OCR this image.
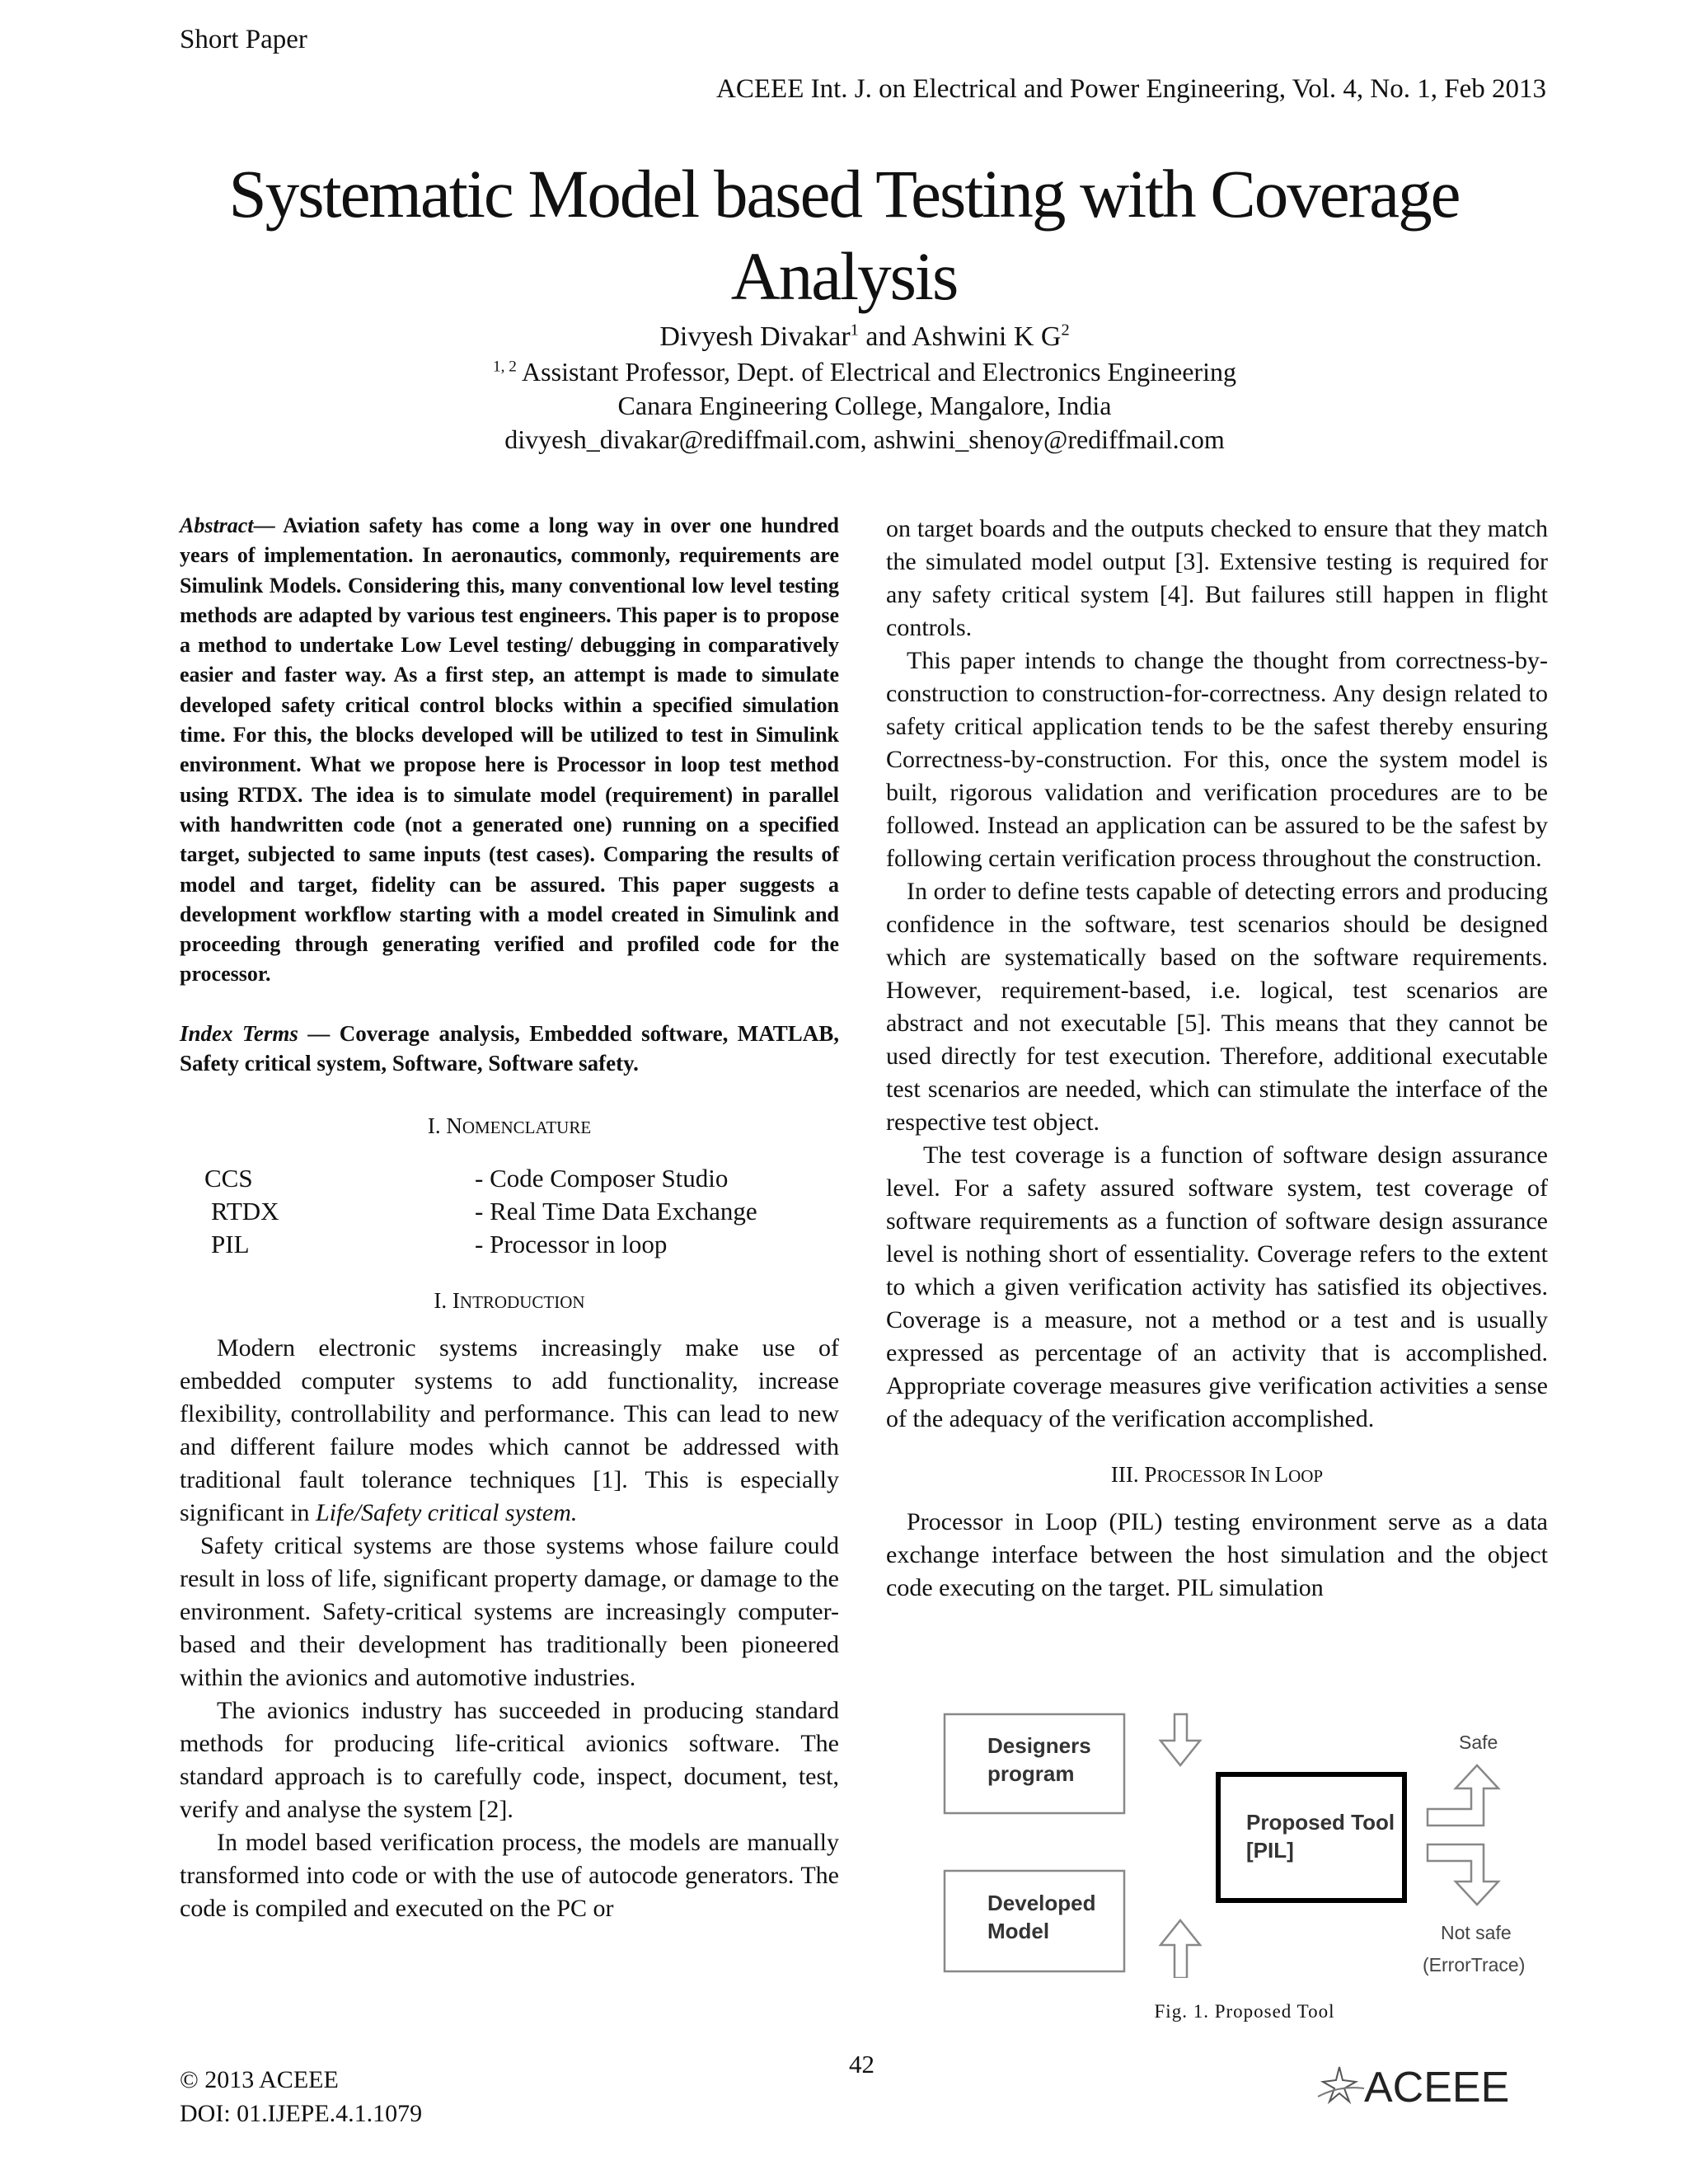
Short Paper
ACEEE Int. J. on Electrical and Power Engineering, Vol. 4, No. 1, Feb 2013
Systematic Model based Testing with Coverage
Analysis
Divyesh Divakar$^1$ and Ashwini K $G^2$
$^{1, 2}$ Assistant Professor, Dept. of Electrical and Electronics Engineering
Canara Engineering College, Mangalore, India
divyesh_divakar@rediffmail.com, ashwini_shenoy@rediffmail.com

Abstract— Aviation safety has come a long way in over one hundred years of implementation. In aeronautics, commonly, requirements are Simulink Models. Considering this, many conventional low level testing methods are adapted by various test engineers. This paper is to propose a method to undertake Low Level testing/ debugging in comparatively easier and faster way. As a first step, an attempt is made to simulate developed safety critical control blocks within a specified simulation time. For this, the blocks developed will be utilized to test in Simulink environment. What we propose here is Processor in loop test method using RTDX. The idea is to simulate model (requirement) in parallel with handwritten code (not a generated one) running on a specified target, subjected to same inputs (test cases). Comparing the results of model and target, fidelity can be assured. This paper suggests a development workflow starting with a model created in Simulink and proceeding through generating verified and profiled code for the processor.

Index Terms — Coverage analysis, Embedded software, MATLAB, Safety critical system, Software, Software safety.

I. NOMENCLATURE

CCS	- Code Composer Studio
RTDX	- Real Time Data Exchange
PIL	- Processor in loop

I. INTRODUCTION

Modern electronic systems increasingly make use of embedded computer systems to add functionality, increase flexibility, controllability and performance. This can lead to new and different failure modes which cannot be addressed with traditional fault tolerance techniques [1]. This is especially significant in Life/Safety critical system.

Safety critical systems are those systems whose failure could result in loss of life, significant property damage, or damage to the environment. Safety-critical systems are increasingly computer-based and their development has traditionally been pioneered within the avionics and automotive industries.

The avionics industry has succeeded in producing standard methods for producing life-critical avionics software. The standard approach is to carefully code, inspect, document, test, verify and analyse the system [2].

In model based verification process, the models are manually transformed into code or with the use of autocode generators. The code is compiled and executed on the PC or

on target boards and the outputs checked to ensure that they match the simulated model output [3]. Extensive testing is required for any safety critical system [4]. But failures still happen in flight controls.

This paper intends to change the thought from correctness-by-construction to construction-for-correctness. Any design related to safety critical application tends to be the safest thereby ensuring Correctness-by-construction. For this, once the system model is built, rigorous validation and verification procedures are to be followed. Instead an application can be assured to be the safest by following certain verification process throughout the construction.

In order to define tests capable of detecting errors and producing confidence in the software, test scenarios should be designed which are systematically based on the software requirements. However, requirement-based, i.e. logical, test scenarios are abstract and not executable [5]. This means that they cannot be used directly for test execution. Therefore, additional executable test scenarios are needed, which can stimulate the interface of the respective test object.

The test coverage is a function of software design assurance level. For a safety assured software system, test coverage of software requirements as a function of software design assurance level is nothing short of essentiality. Coverage refers to the extent to which a given verification activity has satisfied its objectives. Coverage is a measure, not a method or a test and is usually expressed as percentage of an activity that is accomplished. Appropriate coverage measures give verification activities a sense of the adequacy of the verification accomplished.

III. PROCESSOR IN LOOP

Processor in Loop (PIL) testing environment serve as a data exchange interface between the host simulation and the object code executing on the target. PIL simulation

Designers
program
Developed
Model
Proposed Tool
[PIL]
Safe
Not safe
(ErrorTrace)
Fig. 1. Proposed Tool
42
© 2013 ACEEE
DOI: 01.IJEPE.4.1.1079
ACEEE
